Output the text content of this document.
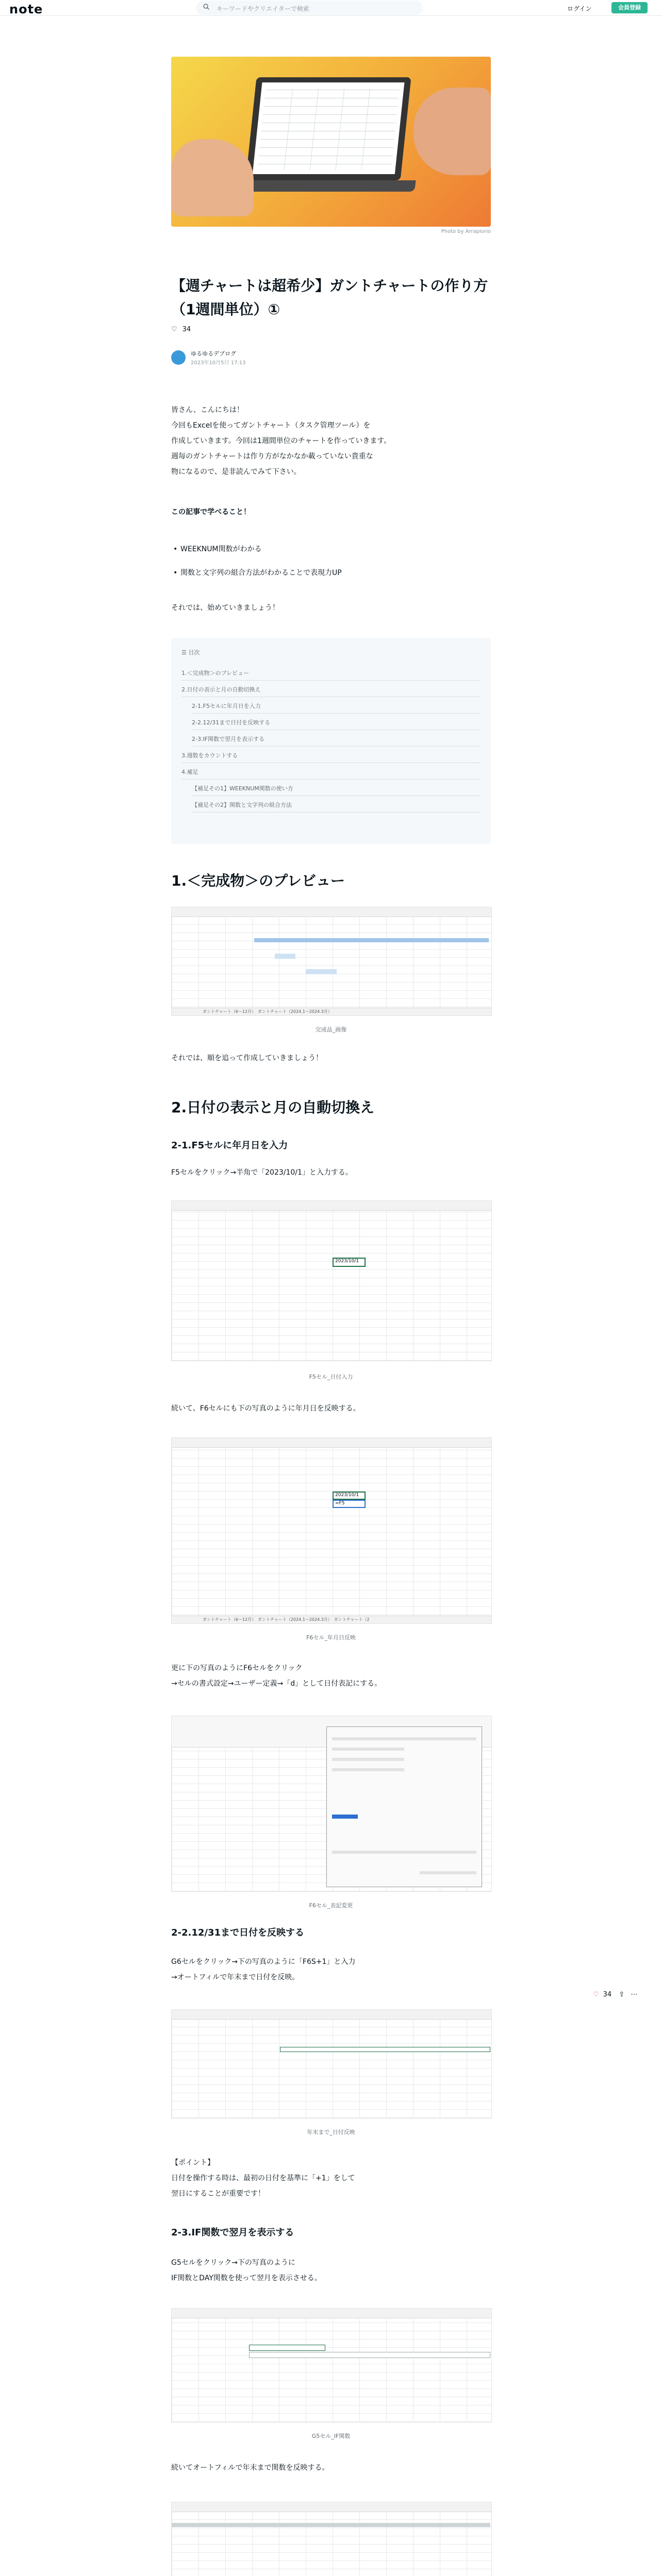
note	キーワードやクリエイターで検索	ログイン	会員登録
Photo by Arrapiorio
【週チャートは超希少】ガントチャートの作り方（1週間単位）①
♡ 34
ゆるゆるデブログ
2023年10月5日 17:13
皆さん、こんにちは！
今回もExcelを使ってガントチャート（タスク管理ツール）を
作成していきます。今回は1週間単位のチャートを作っていきます。
週毎のガントチャートは作り方がなかなか載っていない貴重な
物になるので、是非読んでみて下さい。
この記事で学べること！
• WEEKNUM関数がわかる
• 関数と文字列の組合方法がわかることで表現力UP
それでは、始めていきましょう！
☰ 目次
1.＜完成物＞のプレビュー
2.日付の表示と月の自動切換え
2-1.F5セルに年月日を入力
2-2.12/31まで日付を反映する
2-3.IF関数で翌月を表示する
3.週数をカウントする
4.補足
【補足その1】WEEKNUM関数の使い方
【補足その2】関数と文字列の組合方法
1.＜完成物＞のプレビュー
ガントチャート（6～12月）　 ガントチャート（2024.1～2024.3月）
完成品_画像
それでは、順を追って作成していきましょう！
2.日付の表示と月の自動切換え
2-1.F5セルに年月日を入力
F5セルをクリック→半角で「2023/10/1」と入力する。
2023/10/1
F5セル_日付入力
続いて、F6セルにも下の写真のように年月日を反映する。
2023/10/1
=F5
ガントチャート（6～12月）　 ガントチャート（2024.1～2024.3月）　 ガントチャート（2
F6セル_年月日反映
更に下の写真のようにF6セルをクリック
→セルの書式設定→ユーザー定義→「d」として日付表記にする。
F6セル_表記変更
2-2.12/31まで日付を反映する
G6セルをクリック→下の写真のように「F6S+1」と入力
→オートフィルで年末まで日付を反映。
年末まで_日付反映
【ポイント】
日付を操作する時は、最初の日付を基準に「+1」をして
翌日にすることが重要です！
2-3.IF関数で翌月を表示する
G5セルをクリック→下の写真のように
IF関数とDAY関数を使って翌月を表示させる。
G5セル_IF関数
続いてオートフィルで年末まで関数を反映する。
♡ 34 ⇪ ⋯
